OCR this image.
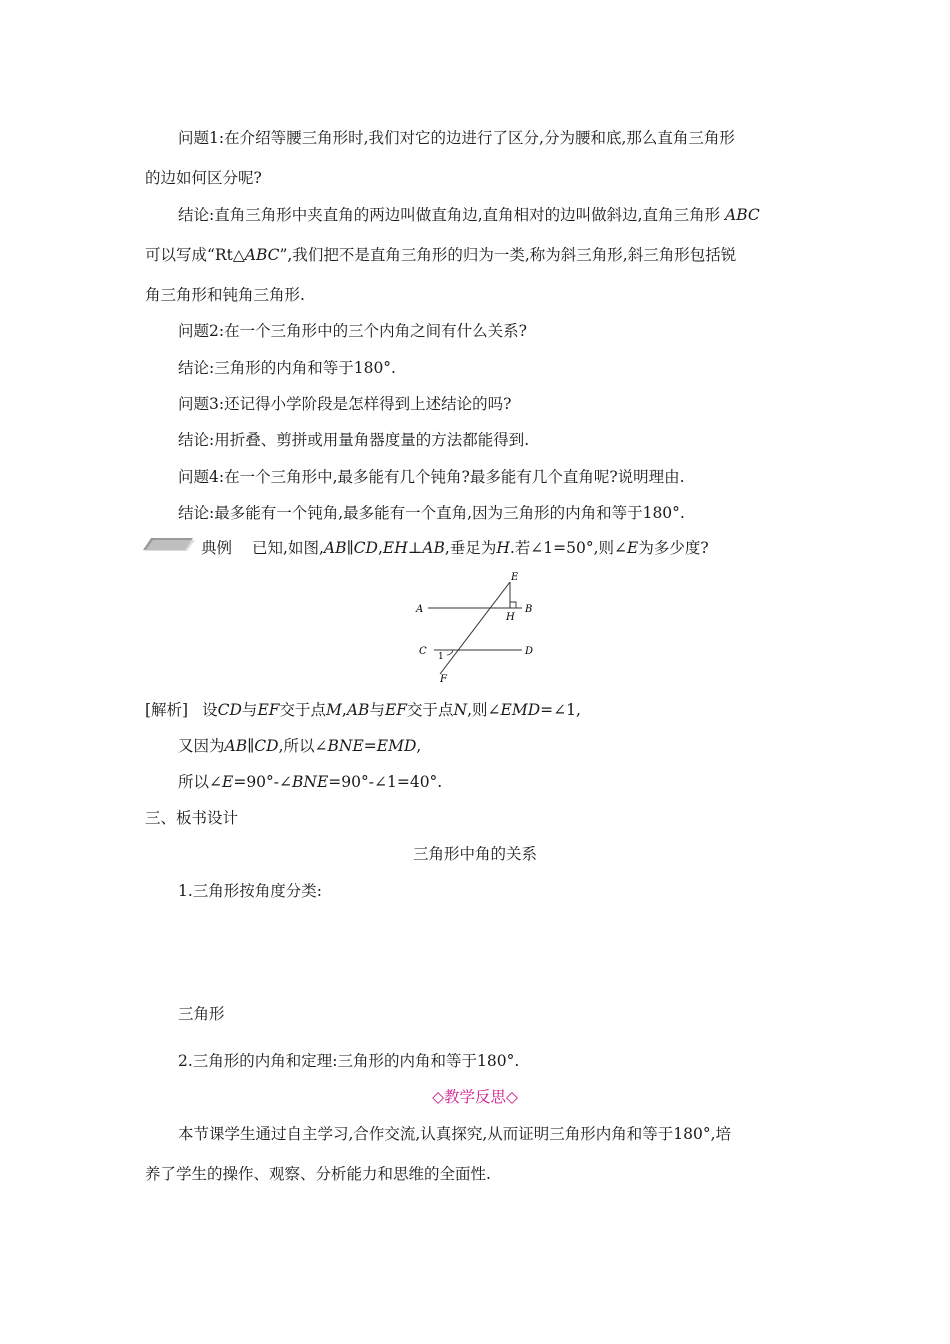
问题1:在介绍等腰三角形时,我们对它的边进行了区分,分为腰和底,那么直角三角形
的边如何区分呢?
结论:直角三角形中夹直角的两边叫做直角边,直角相对的边叫做斜边,直角三角形 ABC
可以写成“Rt△ABC”,我们把不是直角三角形的归为一类,称为斜三角形,斜三角形包括锐
角三角形和钝角三角形.
问题2:在一个三角形中的三个内角之间有什么关系?
结论:三角形的内角和等于180°.
问题3:还记得小学阶段是怎样得到上述结论的吗?
结论:用折叠、剪拼或用量角器度量的方法都能得到.
问题4:在一个三角形中,最多能有几个钝角?最多能有几个直角呢?说明理由.
结论:最多能有一个钝角,最多能有一个直角,因为三角形的内角和等于180°.
典例 已知,如图,AB∥CD,EH⊥AB,垂足为H.若∠1=50°,则∠E为多少度?
A	B
C	D
E
H
F
1
[解析] 设CD与EF交于点M,AB与EF交于点N,则∠EMD=∠1,
又因为AB∥CD,所以∠BNE=EMD,
所以∠E=90°-∠BNE=90°-∠1=40°.
三、板书设计
三角形中角的关系
1.三角形按角度分类:
三角形
2.三角形的内角和定理:三角形的内角和等于180°.
◇教学反思◇
本节课学生通过自主学习,合作交流,认真探究,从而证明三角形内角和等于180°,培
养了学生的操作、观察、分析能力和思维的全面性.
